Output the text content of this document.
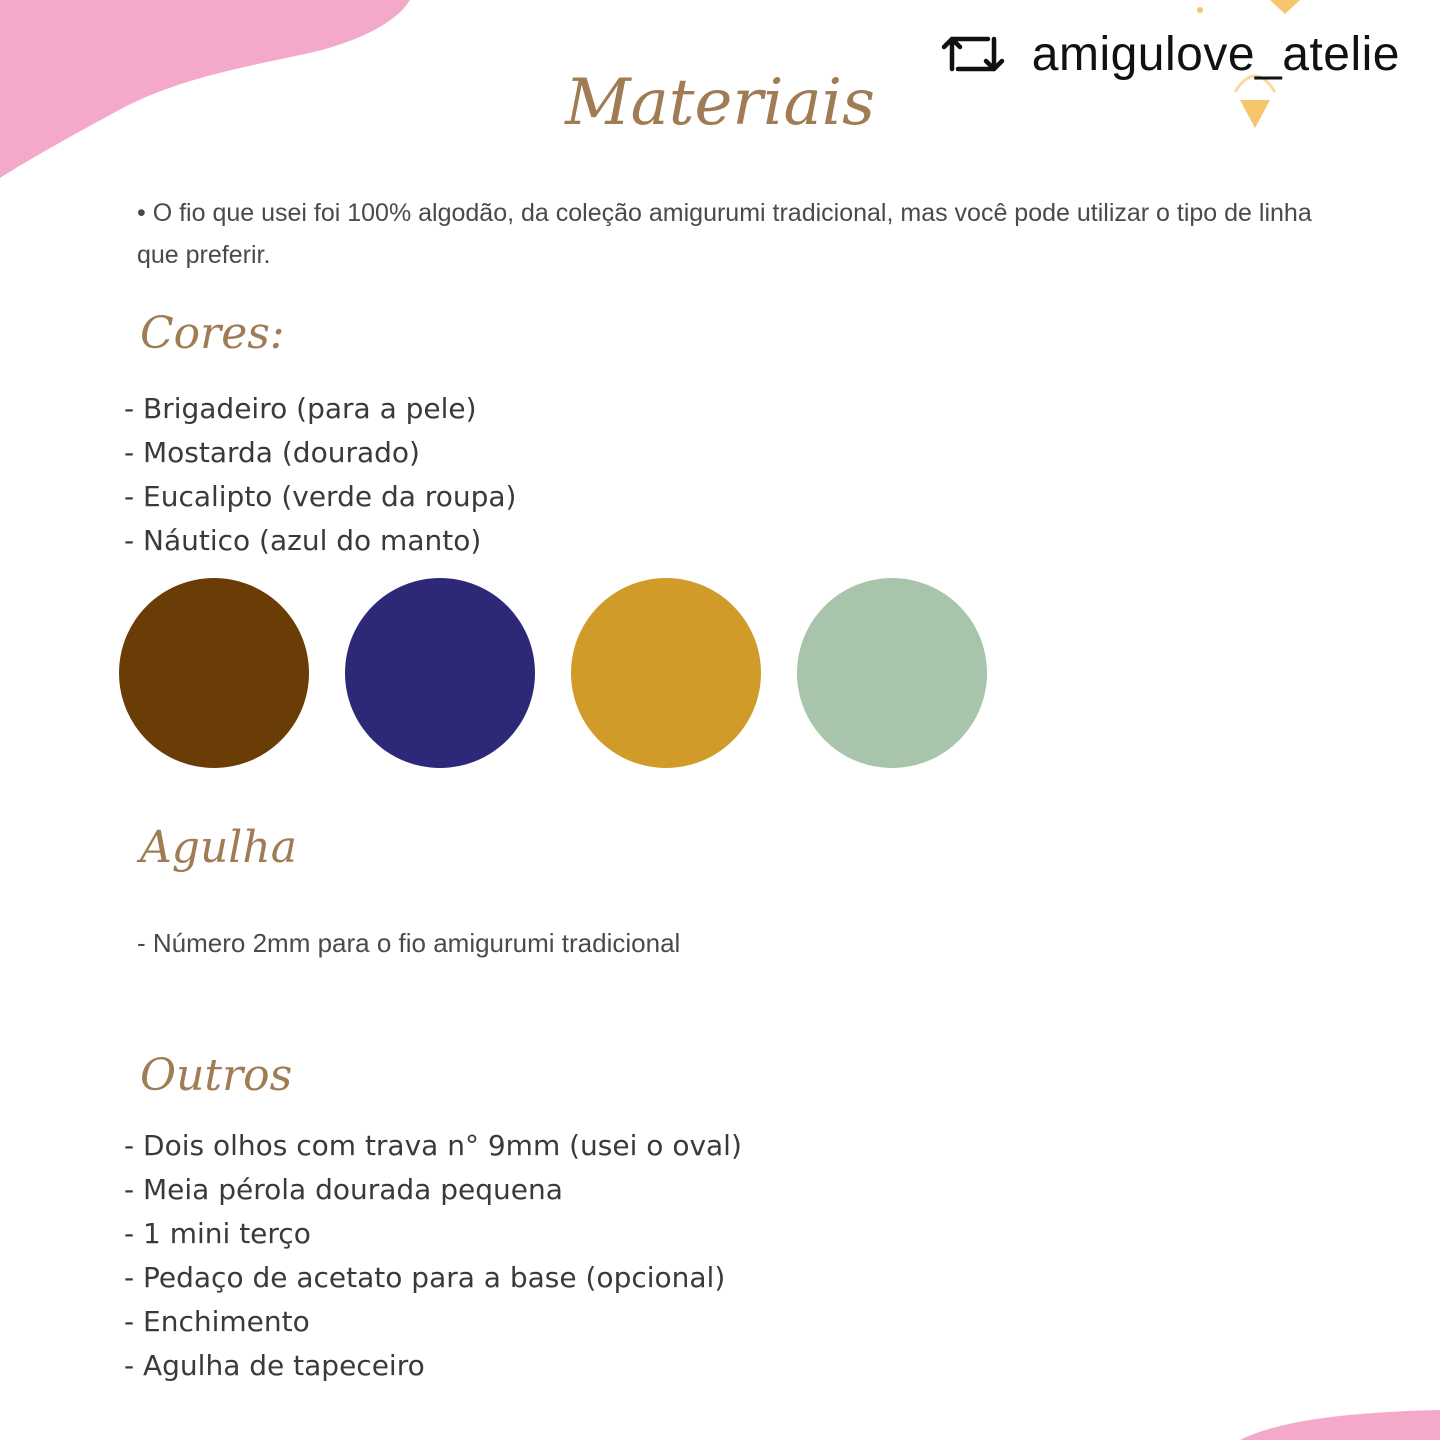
amigulove_atelie
Materiais
• O fio que usei foi 100% algodão, da coleção amigurumi tradicional, mas você pode utilizar o tipo de linha que preferir.
Cores:
- Brigadeiro (para a pele)
- Mostarda (dourado)
- Eucalipto (verde da roupa)
- Náutico (azul do manto)
Agulha
- Número 2mm para o fio amigurumi tradicional
Outros
- Dois olhos com trava n° 9mm (usei o oval)
- Meia pérola dourada pequena
- 1 mini terço
- Pedaço de acetato para a base (opcional)
- Enchimento
- Agulha de tapeceiro
